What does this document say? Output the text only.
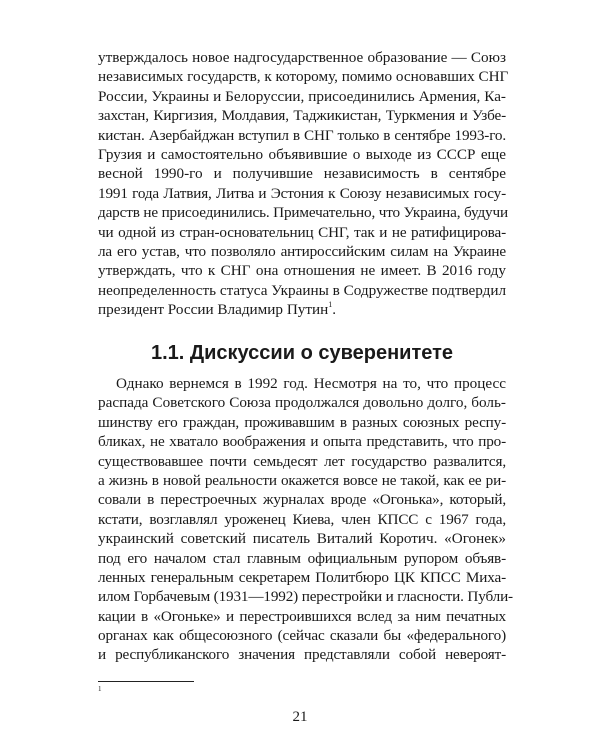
утверждалось новое надгосударственное образование — Союз
независимых государств, к которому, помимо основавших СНГ
России, Украины и Белоруссии, присоединились Армения, Ка-
захстан, Киргизия, Молдавия, Таджикистан, Туркмения и Узбе-
кистан. Азербайджан вступил в СНГ только в сентябре 1993-го.
Грузия и самостоятельно объявившие о выходе из СССР еще
весной 1990-го и получившие независимость в сентябре
1991 года Латвия, Литва и Эстония к Союзу независимых госу-
дарств не присоединились. Примечательно, что Украина, будучи
чи одной из стран-основательниц СНГ, так и не ратифицирова-
ла его устав, что позволяло антироссийским силам на Украине
утверждать, что к СНГ она отношения не имеет. В 2016 году
неопределенность статуса Украины в Содружестве подтвердил
президент России Владимир Путин$^1$.
1.1. Дискуссии о суверенитете
Однако вернемся в 1992 год. Несмотря на то, что процесс
распада Советского Союза продолжался довольно долго, боль-
шинству его граждан, проживавшим в разных союзных респу-
бликах, не хватало воображения и опыта представить, что про-
существовавшее почти семьдесят лет государство развалится,
а жизнь в новой реальности окажется вовсе не такой, как ее ри-
совали в перестроечных журналах вроде «Огонька», который,
кстати, возглавлял уроженец Киева, член КПСС с 1967 года,
украинский советский писатель Виталий Коротич. «Огонек»
под его началом стал главным официальным рупором объяв-
ленных генеральным секретарем Политбюро ЦК КПСС Миха-
илом Горбачевым (1931—1992) перестройки и гласности. Публи-
кации в «Огоньке» и перестроившихся вслед за ним печатных
органах как общесоюзного (сейчас сказали бы «федерального)
и республиканского значения представляли собой невероят-
1
21
